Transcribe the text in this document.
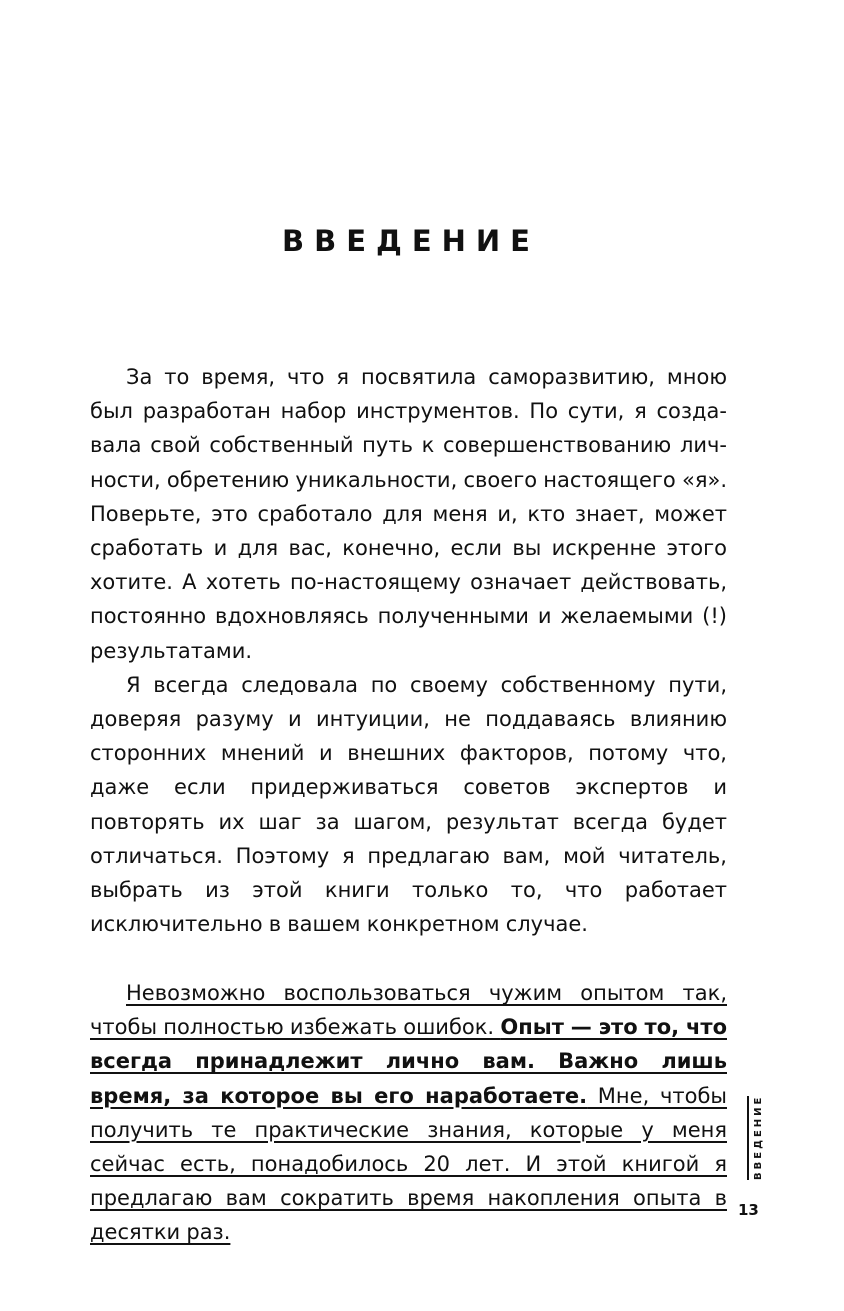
ВВЕДЕНИЕ

За то время, что я посвятила саморазвитию, мною был разработан набор инструментов. По сути, я создавала свой собственный путь к совершенствованию личности, обретению уникальности, своего настоящего «я». Поверьте, это сработало для меня и, кто знает, может сработать и для вас, конечно, если вы искренне этого хотите. А хотеть по-настоящему означает действовать, постоянно вдохновляясь полученными и желаемыми (!) результатами.

Я всегда следовала по своему собственному пути, доверяя разуму и интуиции, не поддаваясь влиянию сторонних мнений и внешних факторов, потому что, даже если придерживаться советов экспертов и повторять их шаг за шагом, результат всегда будет отличаться. Поэтому я предлагаю вам, мой читатель, выбрать из этой книги только то, что работает исключительно в вашем конкретном случае.

Невозможно воспользоваться чужим опытом так, чтобы полностью избежать ошибок. Опыт — это то, что всегда принадлежит лично вам. Важно лишь время, за которое вы его наработаете. Мне, чтобы получить те практические знания, которые у меня сейчас есть, понадобилось 20 лет. И этой книгой я предлагаю вам сократить время накопления опыта в десятки раз.

ВВЕДЕНИЕ
13
